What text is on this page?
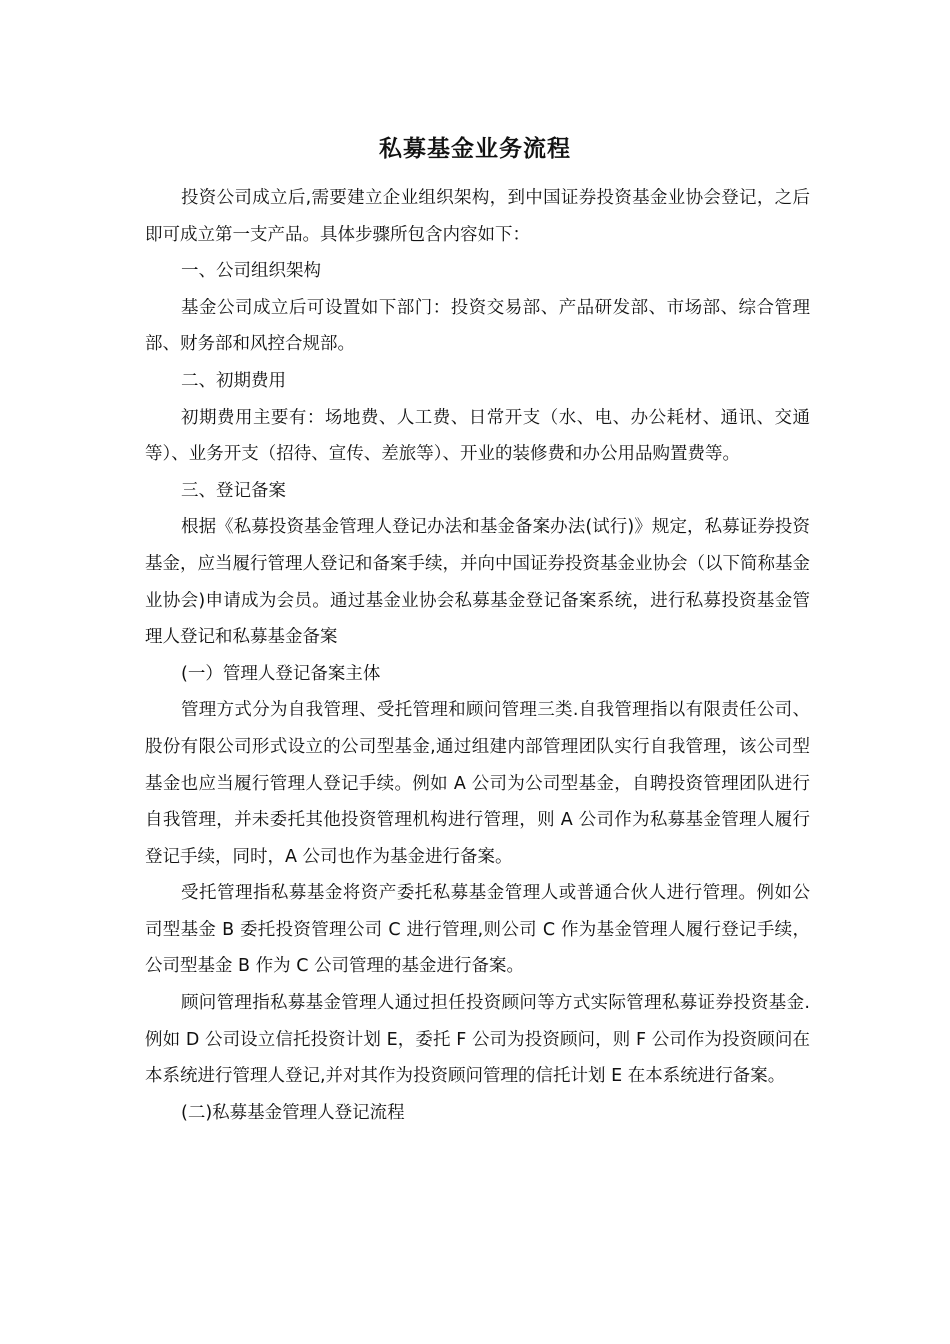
私募基金业务流程

投资公司成立后,需要建立企业组织架构，到中国证券投资基金业协会登记，之后即可成立第一支产品。具体步骤所包含内容如下：

一、公司组织架构

基金公司成立后可设置如下部门：投资交易部、产品研发部、市场部、综合管理部、财务部和风控合规部。

二、初期费用

初期费用主要有：场地费、人工费、日常开支（水、电、办公耗材、通讯、交通等）、业务开支（招待、宣传、差旅等）、开业的装修费和办公用品购置费等。

三、登记备案

根据《私募投资基金管理人登记办法和基金备案办法(试行)》规定，私募证券投资基金，应当履行管理人登记和备案手续，并向中国证券投资基金业协会（以下简称基金业协会)申请成为会员。通过基金业协会私募基金登记备案系统，进行私募投资基金管理人登记和私募基金备案

(一）管理人登记备案主体

管理方式分为自我管理、受托管理和顾问管理三类.自我管理指以有限责任公司、股份有限公司形式设立的公司型基金,通过组建内部管理团队实行自我管理，该公司型基金也应当履行管理人登记手续。例如 A 公司为公司型基金，自聘投资管理团队进行自我管理，并未委托其他投资管理机构进行管理，则 A 公司作为私募基金管理人履行登记手续，同时，A 公司也作为基金进行备案。

受托管理指私募基金将资产委托私募基金管理人或普通合伙人进行管理。例如公司型基金 B 委托投资管理公司 C 进行管理,则公司 C 作为基金管理人履行登记手续，公司型基金 B 作为 C 公司管理的基金进行备案。

顾问管理指私募基金管理人通过担任投资顾问等方式实际管理私募证券投资基金.例如 D 公司设立信托投资计划 E，委托 F 公司为投资顾问，则 F 公司作为投资顾问在本系统进行管理人登记,并对其作为投资顾问管理的信托计划 E 在本系统进行备案。

(二)私募基金管理人登记流程
